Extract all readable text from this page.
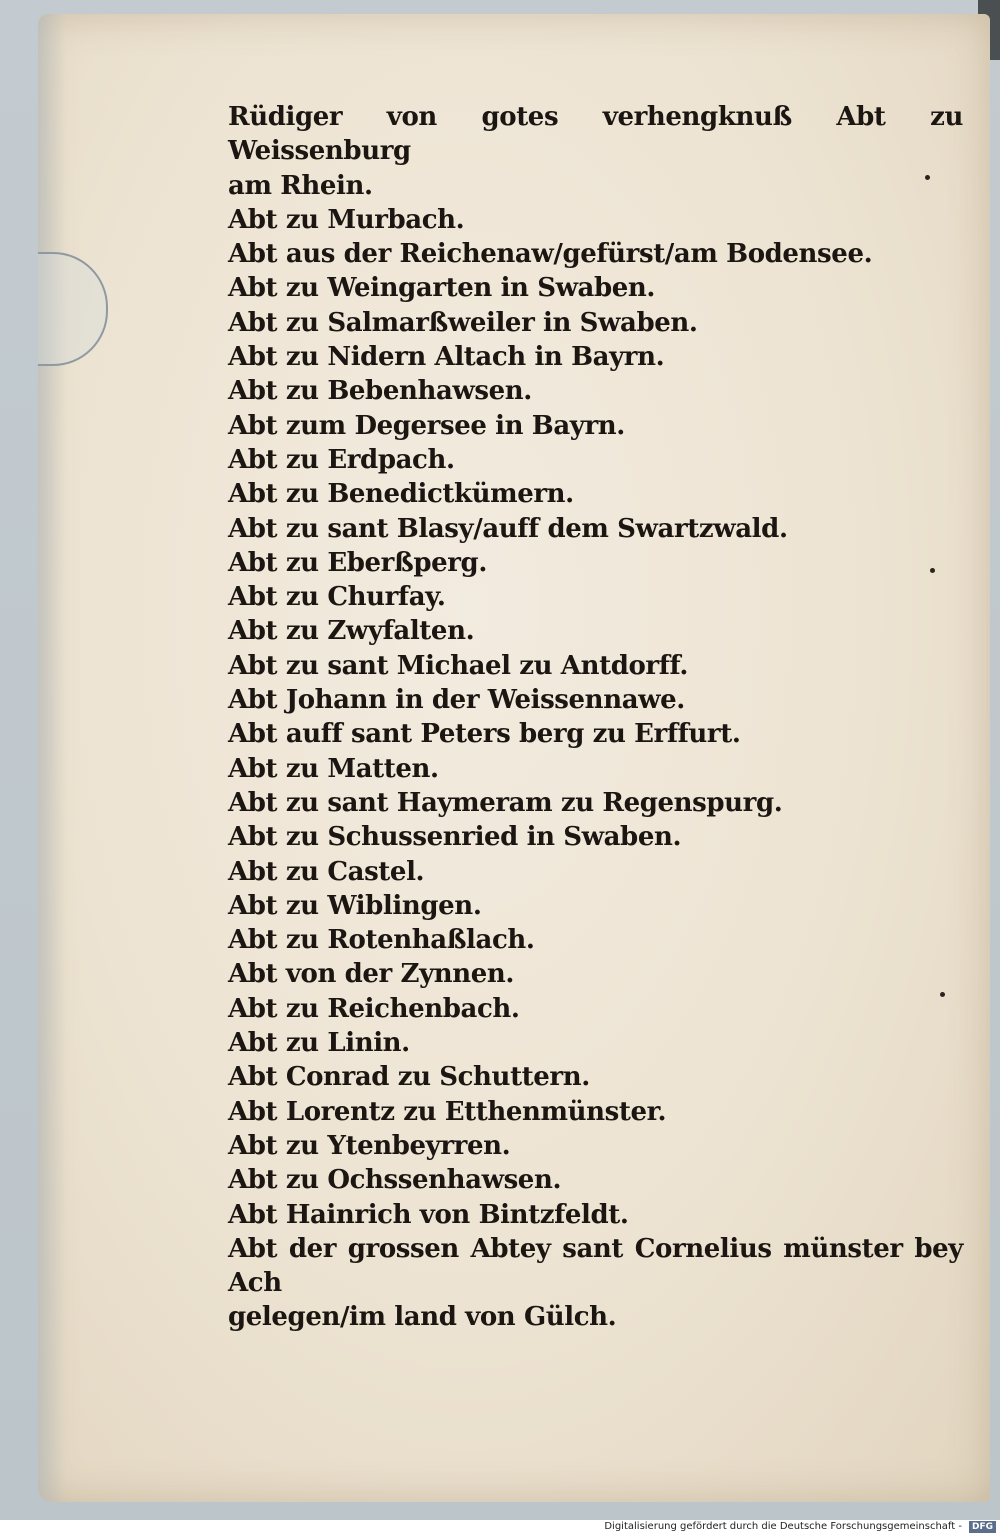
Rüdiger von gotes verhengknuß Abt zu Weissenburg
am Rhein.
Abt zu Murbach.
Abt aus der Reichenaw/gefürst/am Bodensee.
Abt zu Weingarten in Swaben.
Abt zu Salmarßweiler in Swaben.
Abt zu Nidern Altach in Bayrn.
Abt zu Bebenhawsen.
Abt zum Degersee in Bayrn.
Abt zu Erdpach.
Abt zu Benedictkümern.
Abt zu sant Blasy/auff dem Swartzwald.
Abt zu Eberßperg.
Abt zu Churfay.
Abt zu Zwyfalten.
Abt zu sant Michael zu Antdorff.
Abt Johann in der Weissennawe.
Abt auff sant Peters berg zu Erffurt.
Abt zu Matten.
Abt zu sant Haymeram zu Regenspurg.
Abt zu Schussenried in Swaben.
Abt zu Castel.
Abt zu Wiblingen.
Abt zu Rotenhaßlach.
Abt von der Zynnen.
Abt zu Reichenbach.
Abt zu Linin.
Abt Conrad zu Schuttern.
Abt Lorentz zu Etthenmünster.
Abt zu Ytenbeyrren.
Abt zu Ochssenhawsen.
Abt Hainrich von Bintzfeldt.
Abt der grossen Abtey sant Cornelius münster bey Ach
gelegen/im land von Gülch.
Digitalisierung gefördert durch die Deutsche Forschungsgemeinschaft -	DFG
